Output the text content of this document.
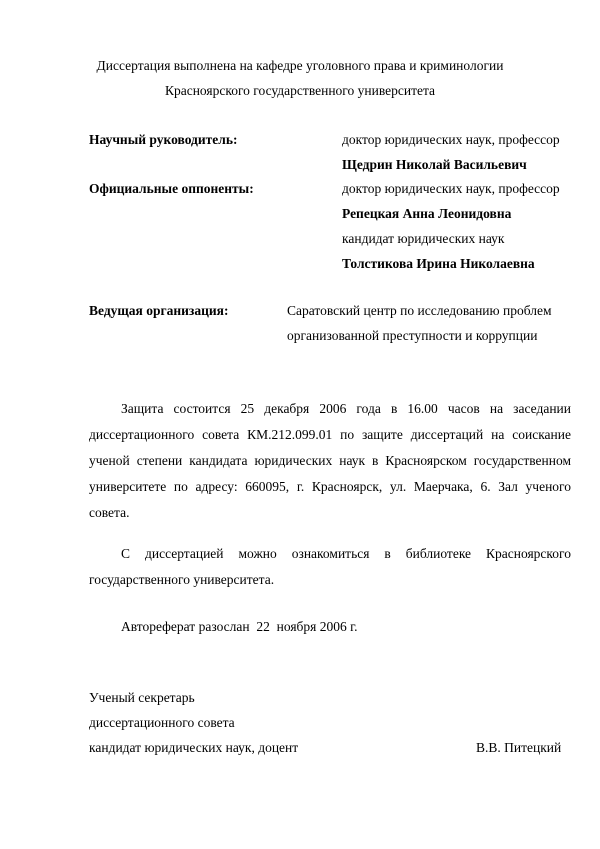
Диссертация выполнена на кафедре уголовного права и криминологии
Красноярского государственного университета
Научный руководитель:	доктор юридических наук, профессор
Щедрин Николай Васильевич
Официальные оппоненты:	доктор юридических наук, профессор
Репецкая Анна Леонидовна
кандидат юридических наук
Толстикова Ирина Николаевна
Ведущая организация:	Саратовский центр по исследованию проблем
организованной преступности и коррупции

Защита состоится 25 декабря 2006 года в 16.00 часов на заседании диссертационного совета КМ.212.099.01 по защите диссертаций на соискание ученой степени кандидата юридических наук в Красноярском государственном университете по адресу: 660095, г. Красноярск, ул. Маерчака, 6. Зал ученого совета.

С диссертацией можно ознакомиться в библиотеке Красноярского государственного университета.

Автореферат разослан  22  ноября 2006 г.
Ученый секретарь
диссертационного совета
кандидат юридических наук, доцент	В.В. Питецкий
